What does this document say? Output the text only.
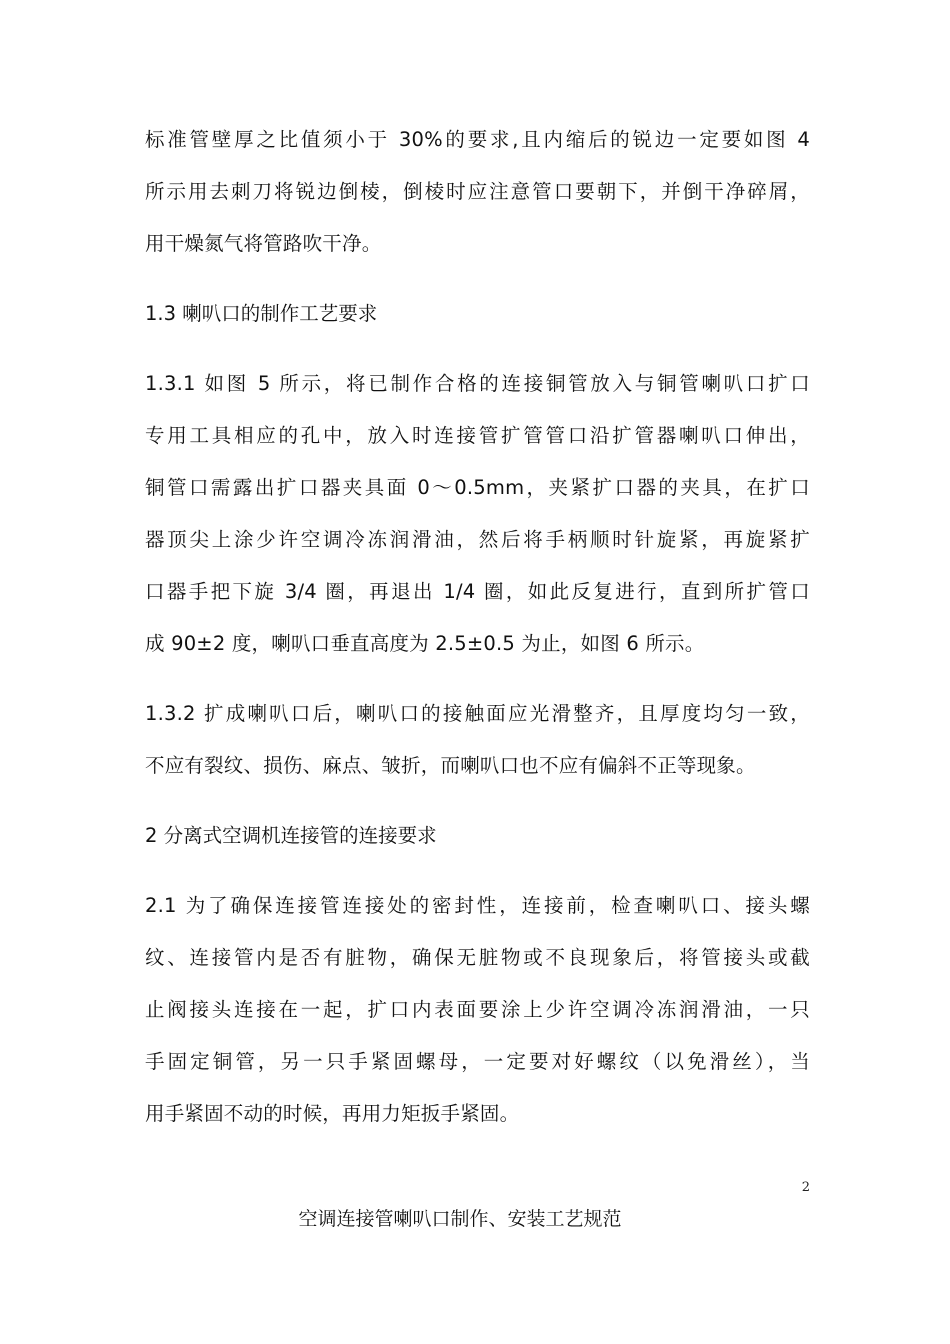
标准管壁厚之比值须小于 30%的要求,且内缩后的锐边一定要如图 4
所示用去刺刀将锐边倒棱，倒棱时应注意管口要朝下，并倒干净碎屑，
用干燥氮气将管路吹干净。
1.3 喇叭口的制作工艺要求
1.3.1 如图 5 所示，将已制作合格的连接铜管放入与铜管喇叭口扩口
专用工具相应的孔中，放入时连接管扩管管口沿扩管器喇叭口伸出，
铜管口需露出扩口器夹具面 0～0.5mm，夹紧扩口器的夹具，在扩口
器顶尖上涂少许空调冷冻润滑油，然后将手柄顺时针旋紧，再旋紧扩
口器手把下旋 3/4 圈，再退出 1/4 圈，如此反复进行，直到所扩管口
成 90±2 度，喇叭口垂直高度为 2.5±0.5 为止，如图 6 所示。
1.3.2 扩成喇叭口后，喇叭口的接触面应光滑整齐，且厚度均匀一致，
不应有裂纹、损伤、麻点、皱折，而喇叭口也不应有偏斜不正等现象。
2 分离式空调机连接管的连接要求
2.1 为了确保连接管连接处的密封性，连接前，检查喇叭口、接头螺
纹、连接管内是否有脏物，确保无脏物或不良现象后，将管接头或截
止阀接头连接在一起，扩口内表面要涂上少许空调冷冻润滑油，一只
手固定铜管，另一只手紧固螺母，一定要对好螺纹（以免滑丝），当
用手紧固不动的时候，再用力矩扳手紧固。
2
空调连接管喇叭口制作、安装工艺规范
